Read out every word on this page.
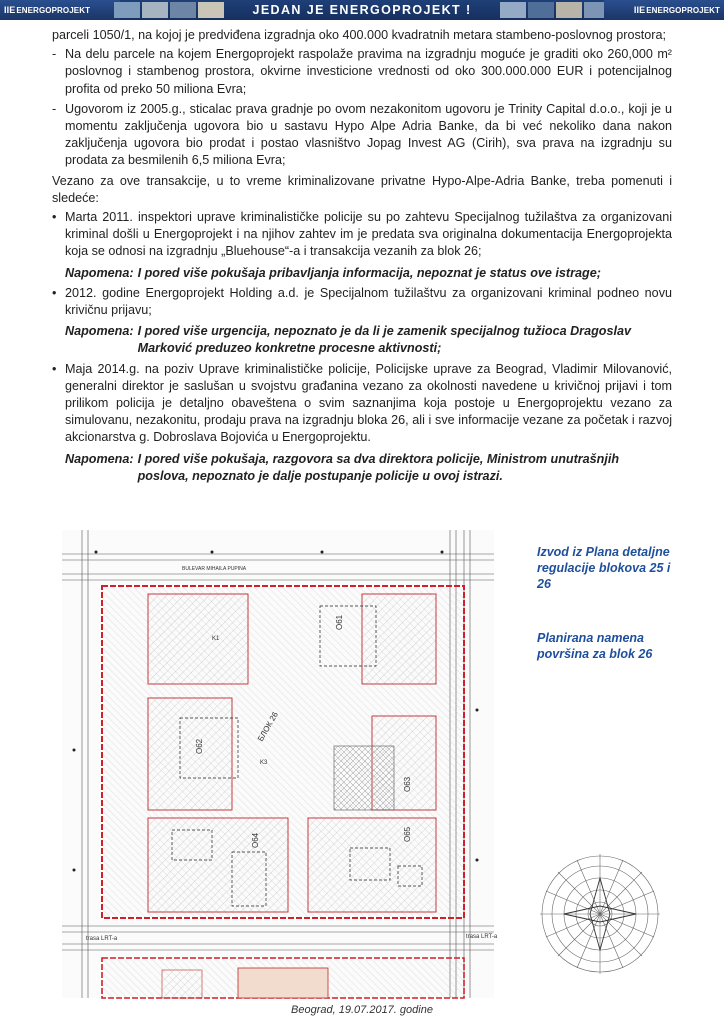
IIE ENERGOPROJEKT	JEDAN JE ENERGOPROJEKT !	IIE ENERGOPROJEKT

parceli 1050/1, na kojoj je predviđena izgradnja oko 400.000 kvadratnih metara stambeno-poslovnog prostora;

- Na delu parcele na kojem Energoprojekt raspolaže pravima na izgradnju moguće je graditi oko 260,000 m² poslovnog i stambenog prostora, okvirne investicione vrednosti od oko 300.000.000 EUR i potencijalnog profita od preko 50 miliona Evra;
- Ugovorom iz 2005.g., sticalac prava gradnje po ovom nezakonitom ugovoru je Trinity Capital d.o.o., koji je u momentu zaključenja ugovora bio u sastavu Hypo Alpe Adria Banke, da bi već nekoliko dana nakon zaključenja ugovora bio prodat i postao vlasništvo Jopag Invest AG (Cirih), sva prava na izgradnju su prodata za besmilenih 6,5 miliona Evra;

Vezano za ove transakcije, u to vreme kriminalizovane privatne Hypo-Alpe-Adria Banke, treba pomenuti i sledeće:

• Marta 2011. inspektori uprave kriminalističke policije su po zahtevu Specijalnog tužilaštva za organizovani kriminal došli u Energoprojekt i na njihov zahtev im je predata sva originalna dokumentacija Energoprojekta koja se odnosi na izgradnju „Bluehouse“-a i transakcija vezanih za blok 26;
Napomena: I pored više pokušaja pribavljanja informacija, nepoznat je status ove istrage;
• 2012. godine Energoprojekt Holding a.d. je Specijalnom tužilaštvu za organizovani kriminal podneo novu krivičnu prijavu;
Napomena: I pored više urgencija, nepoznato je da li je zamenik specijalnog tužioca Dragoslav Marković preduzeo konkretne procesne aktivnosti;
• Maja 2014.g. na poziv Uprave kriminalističke policije, Policijske uprave za Beograd, Vladimir Milovanović, generalni direktor je saslušan u svojstvu građanina vezano za okolnosti navedene u krivičnoj prijavi i tom prilikom policija je detaljno obaveštena o svim saznanjima koja postoje u Energoprojektu vezano za simulovanu, nezakonitu, prodaju prava na izgradnju bloka 26, ali i sve informacije vezane za početak i razvoj akcionarstva g. Dobroslava Bojovića u Energoprojektu.
Napomena: I pored više pokušaja, razgovora sa dva direktora policije, Ministrom unutrašnjih poslova, nepoznato je dalje postupanje policije u ovoj istrazi.
BULEVAR MIHAILA PUPINA
БЛОК 26
K3
K1
O61
O62
O63
O64	O65
trasa LRT-a	trasa LRT-a
Izvod iz Plana detaljne regulacije blokova 25 i 26
Planirana namena površina za blok 26
Beograd, 19.07.2017. godine
